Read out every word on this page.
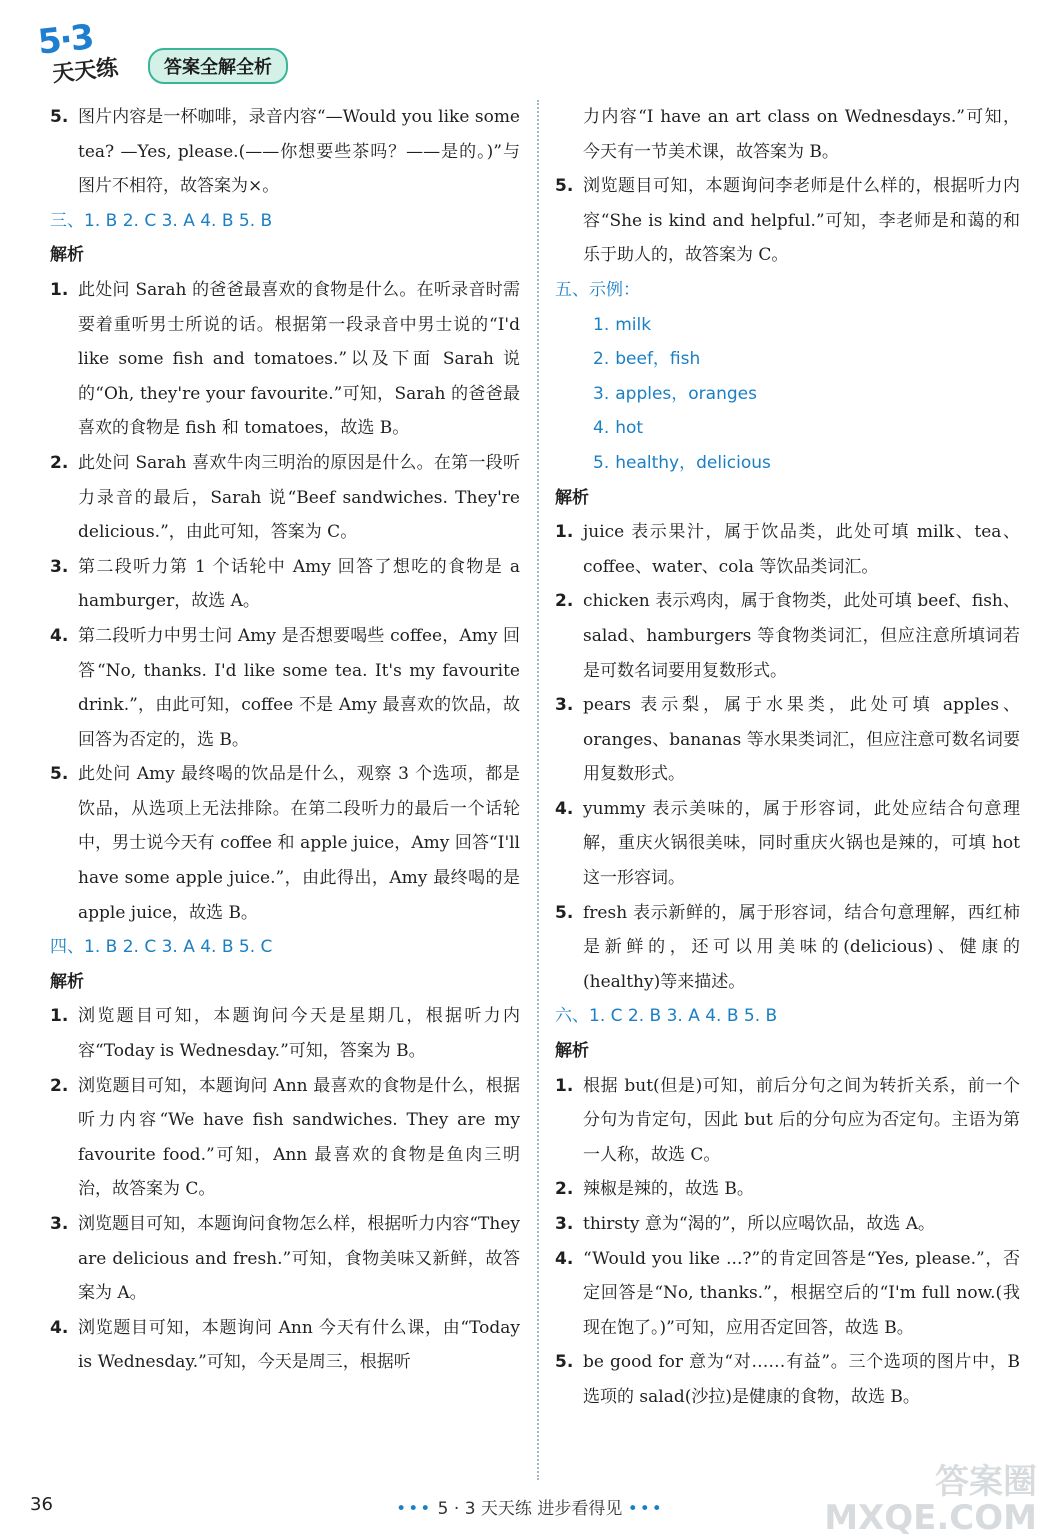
5·3
天天练	答案全解全析
5. 图片内容是一杯咖啡，录音内容“—Would you like some tea? —Yes, please.(——你想要些茶吗？——是的。)”与图片不相符，故答案为×。
三、1. B 2. C 3. A 4. B 5. B
解析
1. 此处问 Sarah 的爸爸最喜欢的食物是什么。在听录音时需要着重听男士所说的话。根据第一段录音中男士说的“I'd like some fish and tomatoes.”以及下面 Sarah 说的“Oh, they're your favourite.”可知，Sarah 的爸爸最喜欢的食物是 fish 和 tomatoes，故选 B。
2. 此处问 Sarah 喜欢牛肉三明治的原因是什么。在第一段听力录音的最后，Sarah 说“Beef sandwiches. They're delicious.”，由此可知，答案为 C。
3. 第二段听力第 1 个话轮中 Amy 回答了想吃的食物是 a hamburger，故选 A。
4. 第二段听力中男士问 Amy 是否想要喝些 coffee，Amy 回答“No, thanks. I'd like some tea. It's my favourite drink.”，由此可知，coffee 不是 Amy 最喜欢的饮品，故回答为否定的，选 B。
5. 此处问 Amy 最终喝的饮品是什么，观察 3 个选项，都是饮品，从选项上无法排除。在第二段听力的最后一个话轮中，男士说今天有 coffee 和 apple juice，Amy 回答“I'll have some apple juice.”，由此得出，Amy 最终喝的是 apple juice，故选 B。
四、1. B 2. C 3. A 4. B 5. C
解析
1. 浏览题目可知，本题询问今天是星期几，根据听力内容“Today is Wednesday.”可知，答案为 B。
2. 浏览题目可知，本题询问 Ann 最喜欢的食物是什么，根据听力内容“We have fish sandwiches. They are my favourite food.”可知，Ann 最喜欢的食物是鱼肉三明治，故答案为 C。
3. 浏览题目可知，本题询问食物怎么样，根据听力内容“They are delicious and fresh.”可知，食物美味又新鲜，故答案为 A。
4. 浏览题目可知，本题询问 Ann 今天有什么课，由“Today is Wednesday.”可知，今天是周三，根据听
力内容“I have an art class on Wednesdays.”可知，今天有一节美术课，故答案为 B。
5. 浏览题目可知，本题询问李老师是什么样的，根据听力内容“She is kind and helpful.”可知，李老师是和蔼的和乐于助人的，故答案为 C。
五、示例：
1. milk
2. beef，fish
3. apples，oranges
4. hot
5. healthy，delicious
解析
1. juice 表示果汁，属于饮品类，此处可填 milk、tea、coffee、water、cola 等饮品类词汇。
2. chicken 表示鸡肉，属于食物类，此处可填 beef、fish、salad、hamburgers 等食物类词汇，但应注意所填词若是可数名词要用复数形式。
3. pears 表示梨，属于水果类，此处可填 apples、oranges、bananas 等水果类词汇，但应注意可数名词要用复数形式。
4. yummy 表示美味的，属于形容词，此处应结合句意理解，重庆火锅很美味，同时重庆火锅也是辣的，可填 hot 这一形容词。
5. fresh 表示新鲜的，属于形容词，结合句意理解，西红柿是新鲜的，还可以用美味的(delicious)、健康的(healthy)等来描述。
六、1. C 2. B 3. A 4. B 5. B
解析
1. 根据 but(但是)可知，前后分句之间为转折关系，前一个分句为肯定句，因此 but 后的分句应为否定句。主语为第一人称，故选 C。
2. 辣椒是辣的，故选 B。
3. thirsty 意为“渴的”，所以应喝饮品，故选 A。
4. “Would you like ...?”的肯定回答是“Yes, please.”，否定回答是“No, thanks.”，根据空后的“I'm full now.(我现在饱了。)”可知，应用否定回答，故选 B。
5. be good for 意为“对……有益”。三个选项的图片中，B 选项的 salad(沙拉)是健康的食物，故选 B。
36	••• 5 · 3 天天练 进步看得见 •••
答案圈
MXQE.COM
